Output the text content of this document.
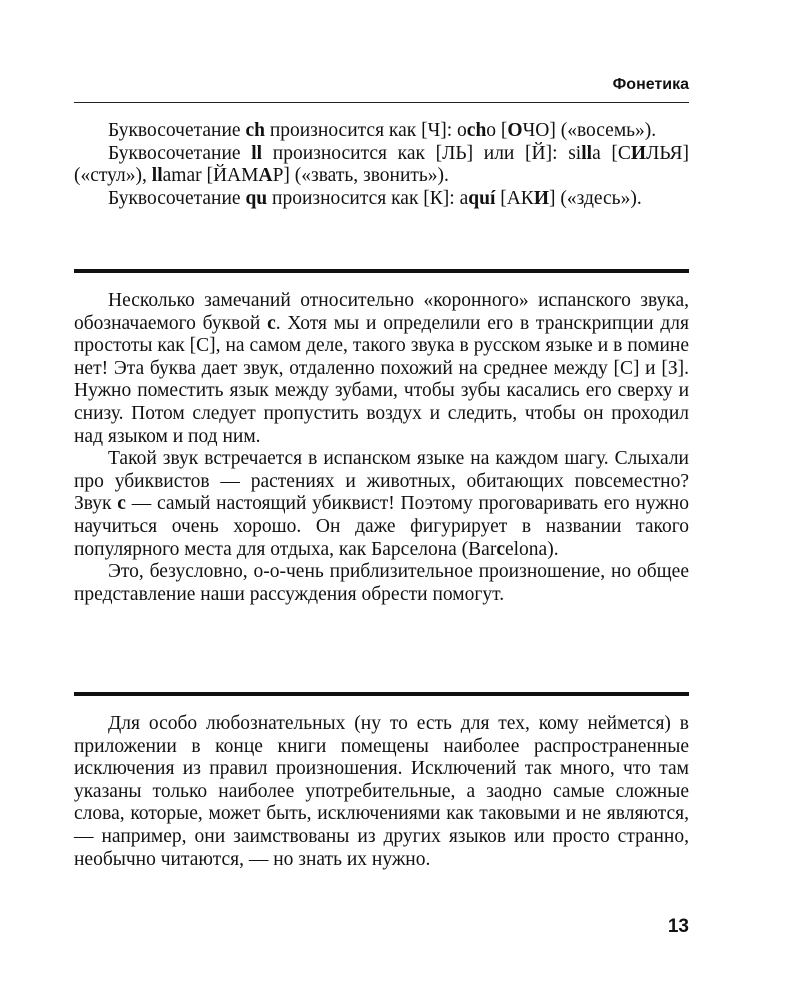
Фонетика

Буквосочетание ch произносится как [Ч]: ocho [ОЧО] («восемь»).

Буквосочетание ll произносится как [ЛЬ] или [Й]: silla [СИЛЬЯ] («стул»), llamar [ЙАМАР] («звать, звонить»).

Буквосочетание qu произносится как [К]: aquí [АКИ] («здесь»).

Несколько замечаний относительно «коронного» испанского звука, обозначаемого буквой с. Хотя мы и определили его в транскрипции для простоты как [С], на самом деле, такого звука в русском языке и в помине нет! Эта буква дает звук, отдаленно похожий на среднее между [С] и [З]. Нужно поместить язык между зубами, чтобы зубы касались его сверху и снизу. Потом следует пропустить воздух и следить, чтобы он проходил над языком и под ним.

Такой звук встречается в испанском языке на каждом шагу. Слыхали про убиквистов — растениях и животных, обитающих повсеместно? Звук c — самый настоящий убиквист! Поэтому проговаривать его нужно научиться очень хорошо. Он даже фигурирует в названии такого популярного места для отдыха, как Барселона (Barcelona).

Это, безусловно, о-о-чень приблизительное произношение, но общее представление наши рассуждения обрести помогут.

Для особо любознательных (ну то есть для тех, кому неймется) в приложении в конце книги помещены наиболее распространенные исключения из правил произношения. Исключений так много, что там указаны только наиболее употребительные, а заодно самые сложные слова, которые, может быть, исключениями как таковыми и не являются, — например, они заимствованы из других языков или просто странно, необычно читаются, — но знать их нужно.

13
